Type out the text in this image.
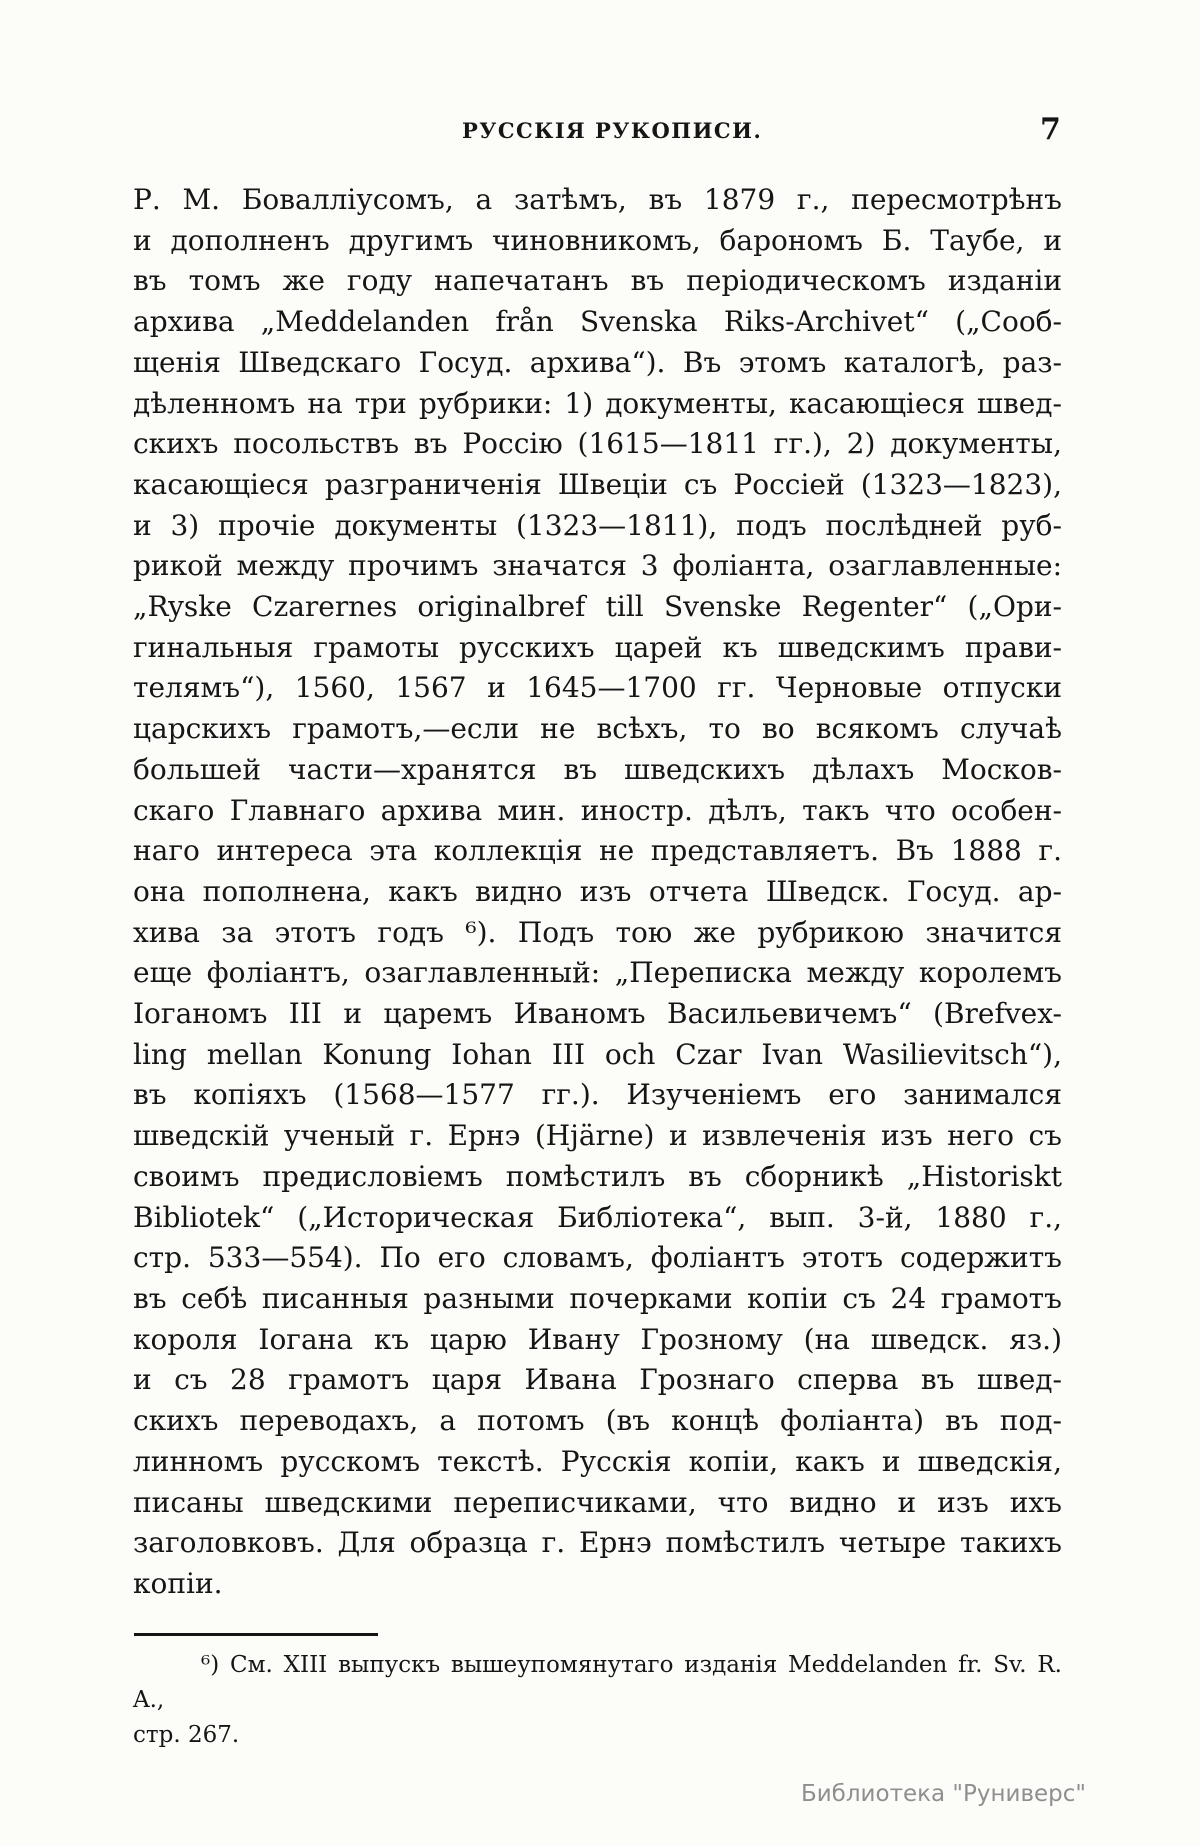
РУССКІЯ РУКОПИСИ.	7
Р. М. Бовалліусомъ, а затѣмъ, въ 1879 г., пересмотрѣнъ
и дополненъ другимъ чиновникомъ, барономъ Б. Таубе, и
въ томъ же году напечатанъ въ періодическомъ изданіи
архива „Meddelanden från Svenska Riks-Archivet“ („Сооб-
щенія Шведскаго Госуд. архива“). Въ этомъ каталогѣ, раз-
дѣленномъ на три рубрики: 1) документы, касающіеся швед-
скихъ посольствъ въ Россію (1615—1811 гг.), 2) документы,
касающіеся разграниченія Швеціи съ Россіей (1323—1823),
и 3) прочіе документы (1323—1811), подъ послѣдней руб-
рикой между прочимъ значатся 3 фоліанта, озаглавленные:
„Ryske Czarernes originalbref till Svenske Regenter“ („Ори-
гинальныя грамоты русскихъ царей къ шведскимъ прави-
телямъ“), 1560, 1567 и 1645—1700 гг. Черновые отпуски
царскихъ грамотъ,—если не всѣхъ, то во всякомъ случаѣ
большей части—хранятся въ шведскихъ дѣлахъ Москов-
скаго Главнаго архива мин. иностр. дѣлъ, такъ что особен-
наго интереса эта коллекція не представляетъ. Въ 1888 г.
она пополнена, какъ видно изъ отчета Шведск. Госуд. ар-
хива за этотъ годъ ⁶). Подъ тою же рубрикою значится
еще фоліантъ, озаглавленный: „Переписка между королемъ
Іоганомъ III и царемъ Иваномъ Васильевичемъ“ (Brefvex-
ling mellan Konung Iohan III och Czar Ivan Wasilievitsch“),
въ копіяхъ (1568—1577 гг.). Изученіемъ его занимался
шведскій ученый г. Ернэ (Hjärne) и извлеченія изъ него съ
своимъ предисловіемъ помѣстилъ въ сборникѣ „Historiskt
Bibliotek“ („Историческая Библіотека“, вып. 3-й, 1880 г.,
стр. 533—554). По его словамъ, фоліантъ этотъ содержитъ
въ себѣ писанныя разными почерками копіи съ 24 грамотъ
короля Іогана къ царю Ивану Грозному (на шведск. яз.)
и съ 28 грамотъ царя Ивана Грознаго сперва въ швед-
скихъ переводахъ, а потомъ (въ концѣ фоліанта) въ под-
линномъ русскомъ текстѣ. Русскія копіи, какъ и шведскія,
писаны шведскими переписчиками, что видно и изъ ихъ
заголовковъ. Для образца г. Ернэ помѣстилъ четыре такихъ
копіи.
⁶) См. XIII выпускъ вышеупомянутаго изданія Meddelanden fr. Sv. R. A.,
стр. 267.
Библиотека "Руниверс"
